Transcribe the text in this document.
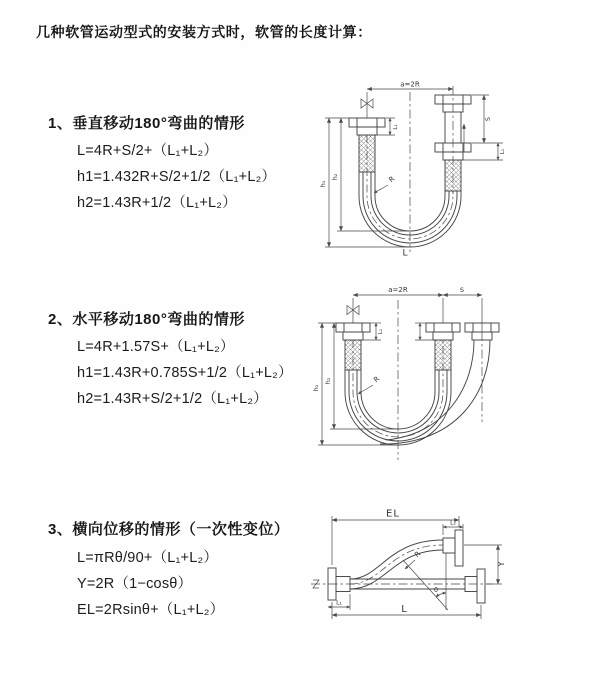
几种软管运动型式的安装方式时，软管的长度计算：
1、垂直移动180°弯曲的情形
L=4R+S/2+（L₁+L₂）
h1=1.432R+S/2+1/2（L₁+L₂）
h2=1.43R+1/2（L₁+L₂）
2、水平移动180°弯曲的情形
L=4R+1.57S+（L₁+L₂）
h1=1.43R+0.785S+1/2（L₁+L₂）
h2=1.43R+S/2+1/2（L₁+L₂）
3、横向位移的情形（一次性变位）
L=πRθ/90+（L₁+L₂）
Y=2R（1−cosθ）
EL=2Rsinθ+（L₁+L₂）
a=2R
L₁
S
L₁
h₁
h₂	R
L
a=2R	S
L₁
h₁
h₂	R
EL
L₂
Y
R
θ
L
L₁
